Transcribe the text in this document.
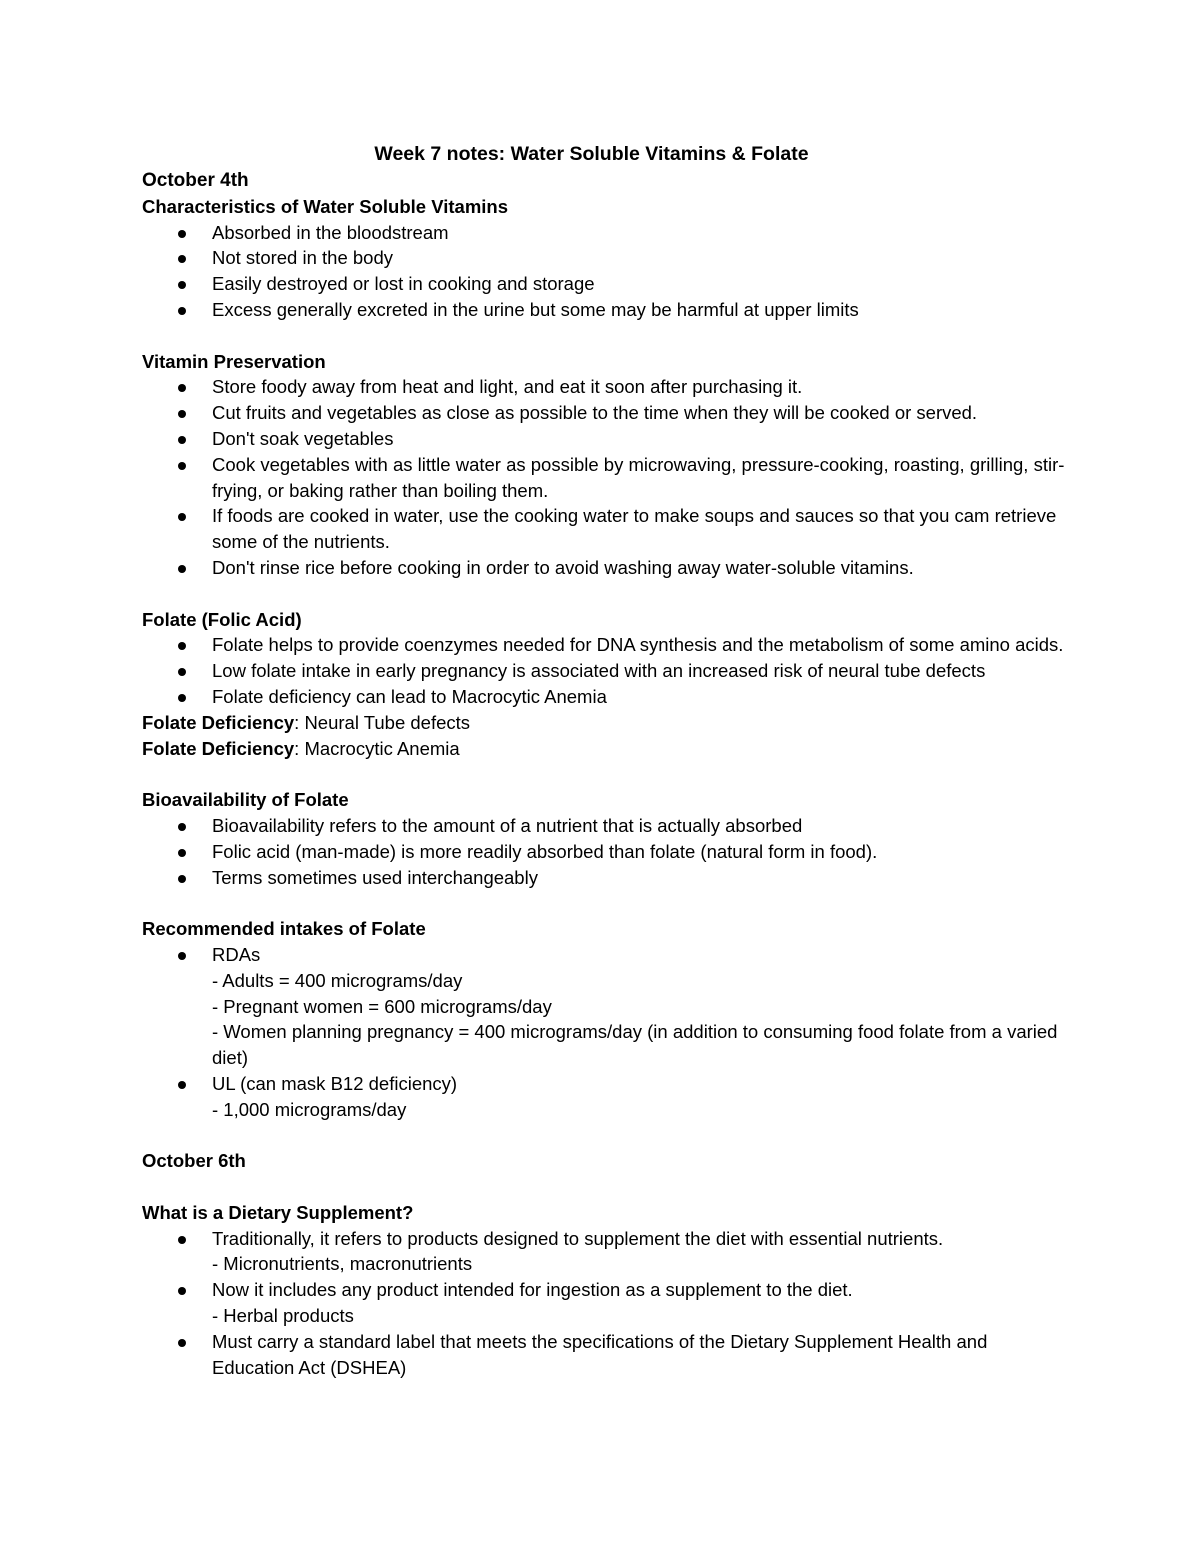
Week 7 notes: Water Soluble Vitamins & Folate
October 4th
Characteristics of Water Soluble Vitamins
Absorbed in the bloodstream
Not stored in the body
Easily destroyed or lost in cooking and storage
Excess generally excreted in the urine but some may be harmful at upper limits
Vitamin Preservation
Store foody away from heat and light, and eat it soon after purchasing it.
Cut fruits and vegetables as close as possible to the time when they will be cooked or served.
Don't soak vegetables
Cook vegetables with as little water as possible by microwaving, pressure-cooking, roasting, grilling, stir-frying, or baking rather than boiling them.
If foods are cooked in water, use the cooking water to make soups and sauces so that you cam retrieve some of the nutrients.
Don't rinse rice before cooking in order to avoid washing away water-soluble vitamins.
Folate (Folic Acid)
Folate helps to provide coenzymes needed for DNA synthesis and the metabolism of some amino acids.
Low folate intake in early pregnancy is associated with an increased risk of neural tube defects
Folate deficiency can lead to Macrocytic Anemia
Folate Deficiency: Neural Tube defects
Folate Deficiency: Macrocytic Anemia
Bioavailability of Folate
Bioavailability refers to the amount of a nutrient that is actually absorbed
Folic acid (man-made) is more readily absorbed than folate (natural form in food).
Terms sometimes used interchangeably
Recommended intakes of Folate
RDAs
- Adults = 400 micrograms/day
- Pregnant women = 600 micrograms/day
- Women planning pregnancy = 400 micrograms/day (in addition to consuming food folate from a varied diet)
UL (can mask B12 deficiency)
- 1,000 micrograms/day
October 6th
What is a Dietary Supplement?
Traditionally, it refers to products designed to supplement the diet with essential nutrients.
- Micronutrients, macronutrients
Now it includes any product intended for ingestion as a supplement to the diet.
- Herbal products
Must carry a standard label that meets the specifications of the Dietary Supplement Health and Education Act (DSHEA)
